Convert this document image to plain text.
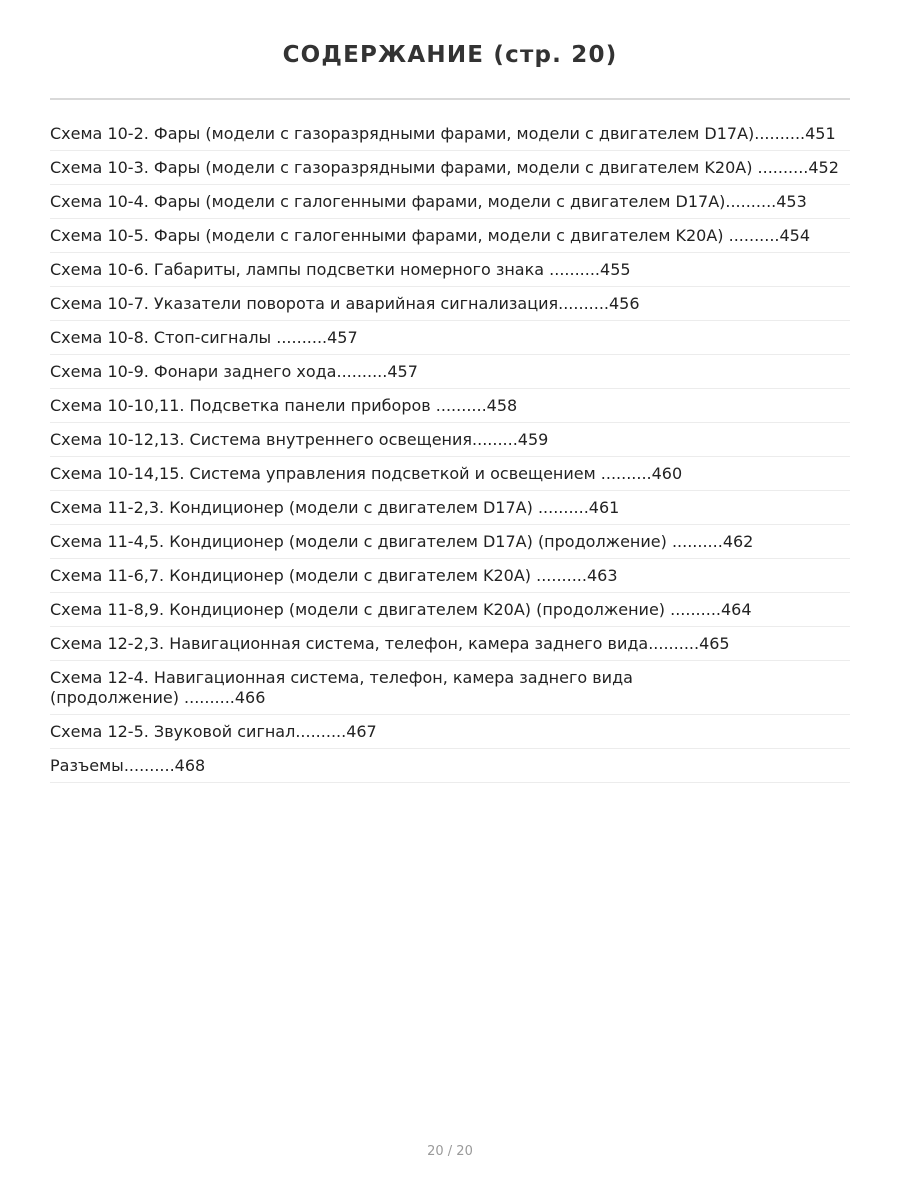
СОДЕРЖАНИЕ (стр. 20)
Схема 10-2. Фары (модели с газоразрядными фарами, модели с двигателем D17A)..........451
Схема 10-3. Фары (модели с газоразрядными фарами, модели с двигателем K20A) ..........452
Схема 10-4. Фары (модели с галогенными фарами, модели с двигателем D17A)..........453
Схема 10-5. Фары (модели с галогенными фарами, модели с двигателем K20A) ..........454
Схема 10-6. Габариты, лампы подсветки номерного знака ..........455
Схема 10-7. Указатели поворота и аварийная сигнализация..........456
Схема 10-8. Стоп-сигналы ..........457
Схема 10-9. Фонари заднего хода..........457
Схема 10-10,11. Подсветка панели приборов ..........458
Схема 10-12,13. Система внутреннего освещения.........459
Схема 10-14,15. Система управления подсветкой и освещением ..........460
Схема 11-2,3. Кондиционер (модели с двигателем D17A) ..........461
Схема 11-4,5. Кондиционер (модели с двигателем D17A) (продолжение) ..........462
Схема 11-6,7. Кондиционер (модели с двигателем K20A) ..........463
Схема 11-8,9. Кондиционер (модели с двигателем K20A) (продолжение) ..........464
Схема 12-2,3. Навигационная система, телефон, камера заднего вида..........465
Схема 12-4. Навигационная система, телефон, камера заднего вида (продолжение) ..........466
Схема 12-5. Звуковой сигнал..........467
Разъемы..........468
20 / 20
